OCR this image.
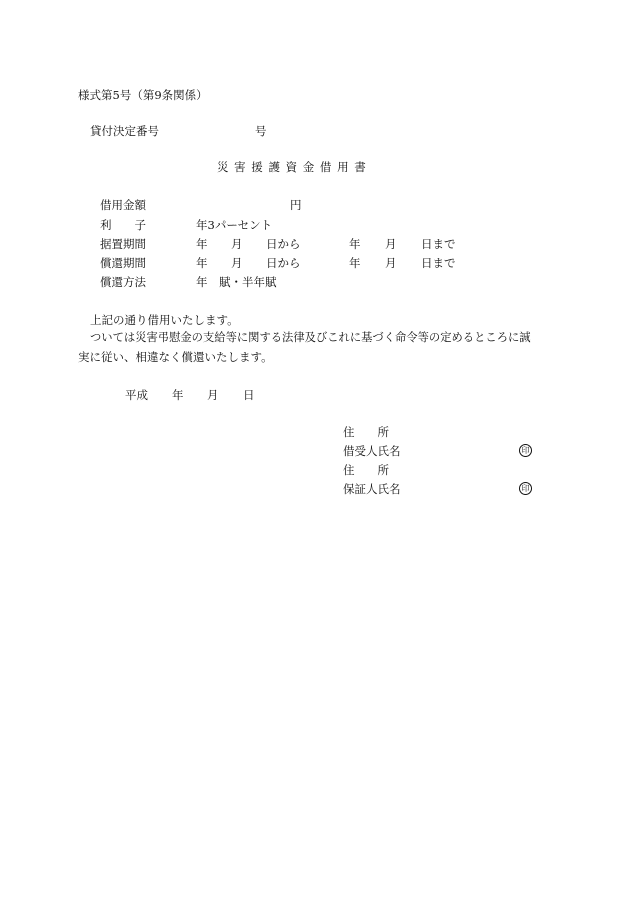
様式第5号（第9条関係）
貸付決定番号	号
災 害 援 護 資 金 借 用 書
借用金額	円
利　　子	年3パーセント
据置期間	年 月 日から	年 月 日まで
償還期間	年 月 日から	年 月 日まで
償還方法	年　賦・半年賦
上記の通り借用いたします。
ついては災害弔慰金の支給等に関する法律及びこれに基づく命令等の定めるところに誠
実に従い、相違なく償還いたします。
平成 年 月 日
住　　所
借受人氏名	印
住　　所
保証人氏名	印
